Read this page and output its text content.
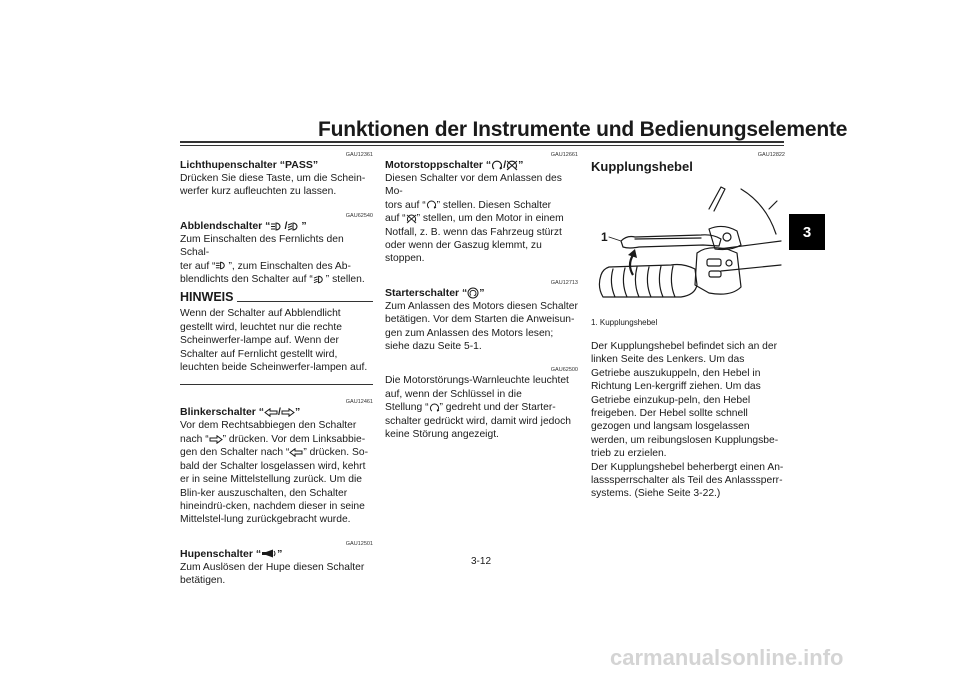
Funktionen der Instrumente und Bedienungselemente
3
GAU12361
Lichthupenschalter “PASS”

Drücken Sie diese Taste, um die Schein-werfer kurz aufleuchten zu lassen.

GAU62540
Abblendschalter “ / ”

Zum Einschalten des Fernlichts den Schal-
ter auf “ ”, zum Einschalten des Ab-
blendlichts den Schalter auf “ ” stellen.

HINWEIS

Wenn der Schalter auf Abblendlicht gestellt wird, leuchtet nur die rechte Scheinwerfer-lampe auf. Wenn der Schalter auf Fernlicht gestellt wird, leuchten beide Scheinwerfer-lampen auf.

GAU12461
Blinkerschalter “ / ”

Vor dem Rechtsabbiegen den Schalter
nach “ ” drücken. Vor dem Linksabbie-
gen den Schalter nach “ ” drücken. So-
bald der Schalter losgelassen wird, kehrt er in seine Mittelstellung zurück. Um die Blin-ker auszuschalten, den Schalter hineindrü-cken, nachdem dieser in seine Mittelstel-lung zurückgebracht wurde.

GAU12501
Hupenschalter “ ”

Zum Auslösen der Hupe diesen Schalter betätigen.

GAU12661
Motorstoppschalter “ / ”

Diesen Schalter vor dem Anlassen des Mo-
tors auf “ ” stellen. Diesen Schalter
auf “ ” stellen, um den Motor in einem
Notfall, z. B. wenn das Fahrzeug stürzt oder wenn der Gaszug klemmt, zu stoppen.

GAU12713
Starterschalter “ ”

Zum Anlassen des Motors diesen Schalter betätigen. Vor dem Starten die Anweisun-gen zum Anlassen des Motors lesen; siehe dazu Seite 5-1.

GAU62500

Die Motorstörungs-Warnleuchte leuchtet
auf, wenn der Schlüssel in die
Stellung “ ” gedreht und der Starter-
schalter gedrückt wird, damit wird jedoch keine Störung angezeigt.

GAU12822
Kupplungshebel
1
1. Kupplungshebel

Der Kupplungshebel befindet sich an der linken Seite des Lenkers. Um das Getriebe auszukuppeln, den Hebel in Richtung Len-kergriff ziehen. Um das Getriebe einzukup-peln, den Hebel freigeben. Der Hebel sollte schnell gezogen und langsam losgelassen werden, um reibungslosen Kupplungsbe-trieb zu erzielen.

Der Kupplungshebel beherbergt einen An-lasssperrschalter als Teil des Anlasssperr-systems. (Siehe Seite 3-22.)

3-12
carmanualsonline.info
